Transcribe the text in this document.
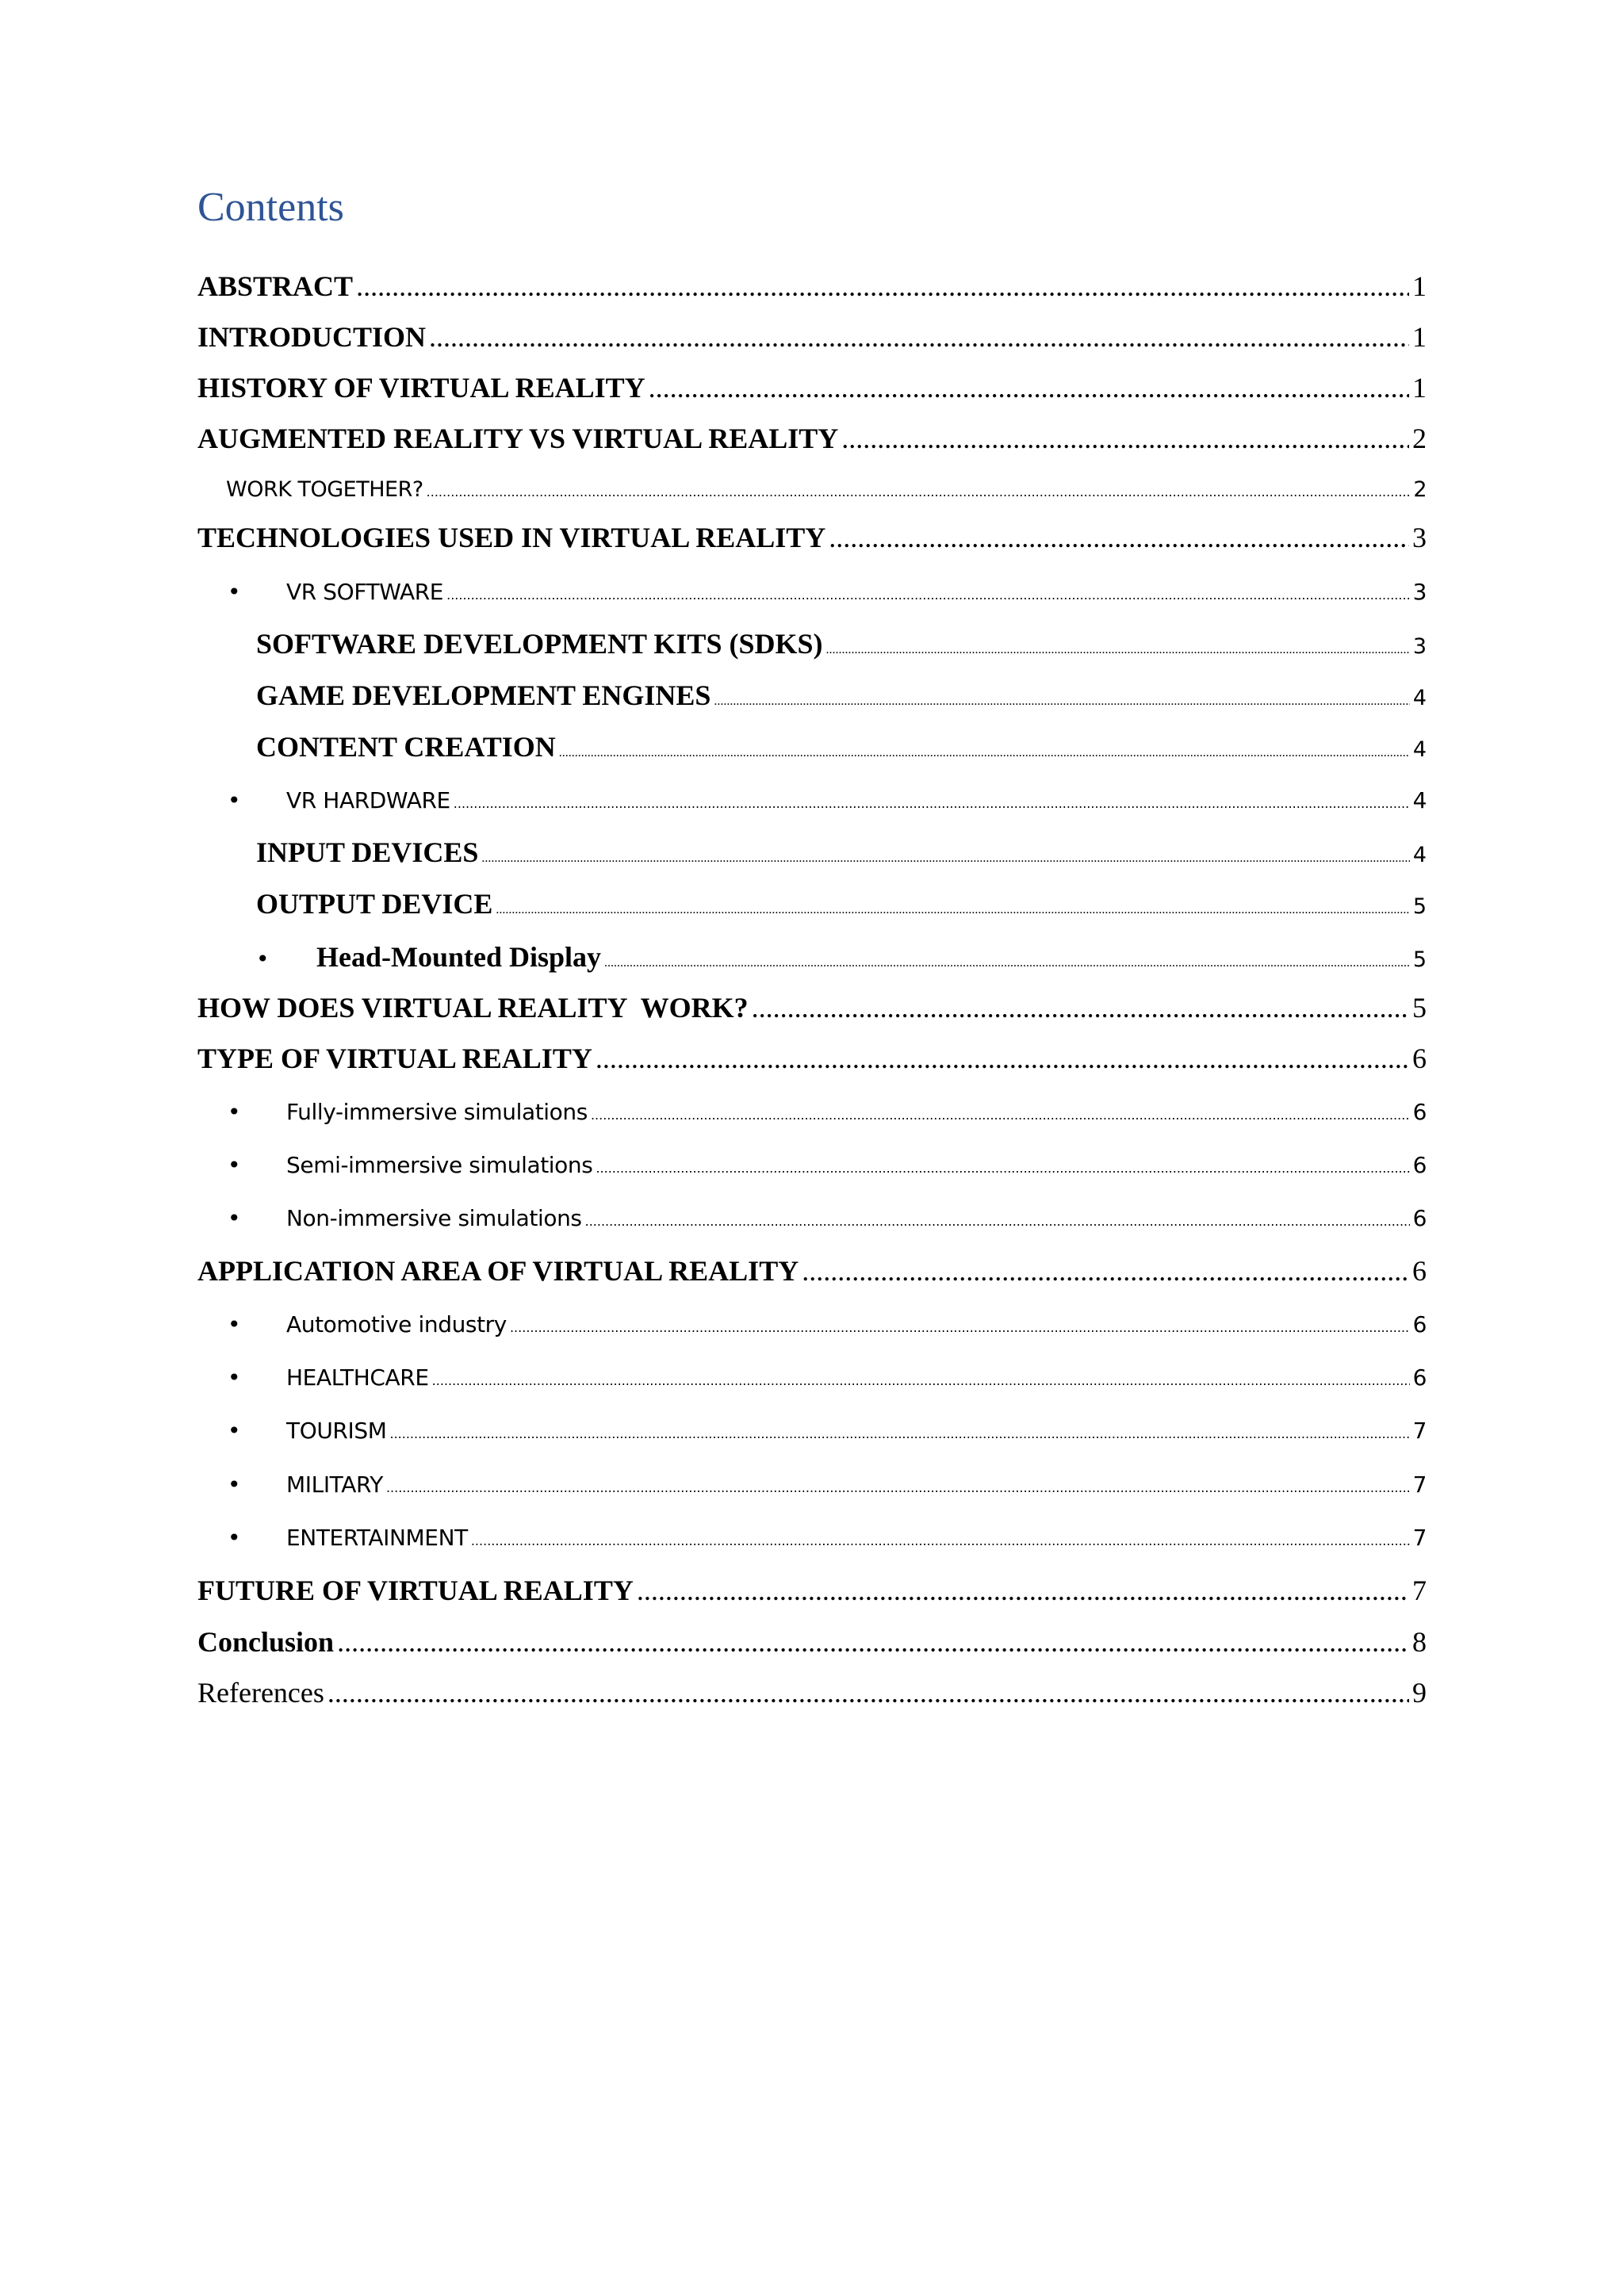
Contents
ABSTRACT .....	1
INTRODUCTION .....	1
HISTORY OF VIRTUAL REALITY .....	1
AUGMENTED REALITY VS VIRTUAL REALITY .....	2
WORK TOGETHER? .....	2
TECHNOLOGIES USED IN VIRTUAL REALITY .....	3
•	VR SOFTWARE .....	3
SOFTWARE DEVELOPMENT KITS (SDKS) .....	3
GAME DEVELOPMENT ENGINES .....	4
CONTENT CREATION .....	4
•	VR HARDWARE .....	4
INPUT DEVICES .....	4
OUTPUT DEVICE .....	5
•	Head-Mounted Display .....	5
HOW DOES VIRTUAL REALITY  WORK? .....	5
TYPE OF VIRTUAL REALITY .....	6
•	Fully-immersive simulations .....	6
•	Semi-immersive simulations .....	6
•	Non-immersive simulations .....	6
APPLICATION AREA OF VIRTUAL REALITY .....	6
•	Automotive industry .....	6
•	HEALTHCARE .....	6
•	TOURISM .....	7
•	MILITARY .....	7
•	ENTERTAINMENT .....	7
FUTURE OF VIRTUAL REALITY .....	7
Conclusion .....	8
References .....	9
